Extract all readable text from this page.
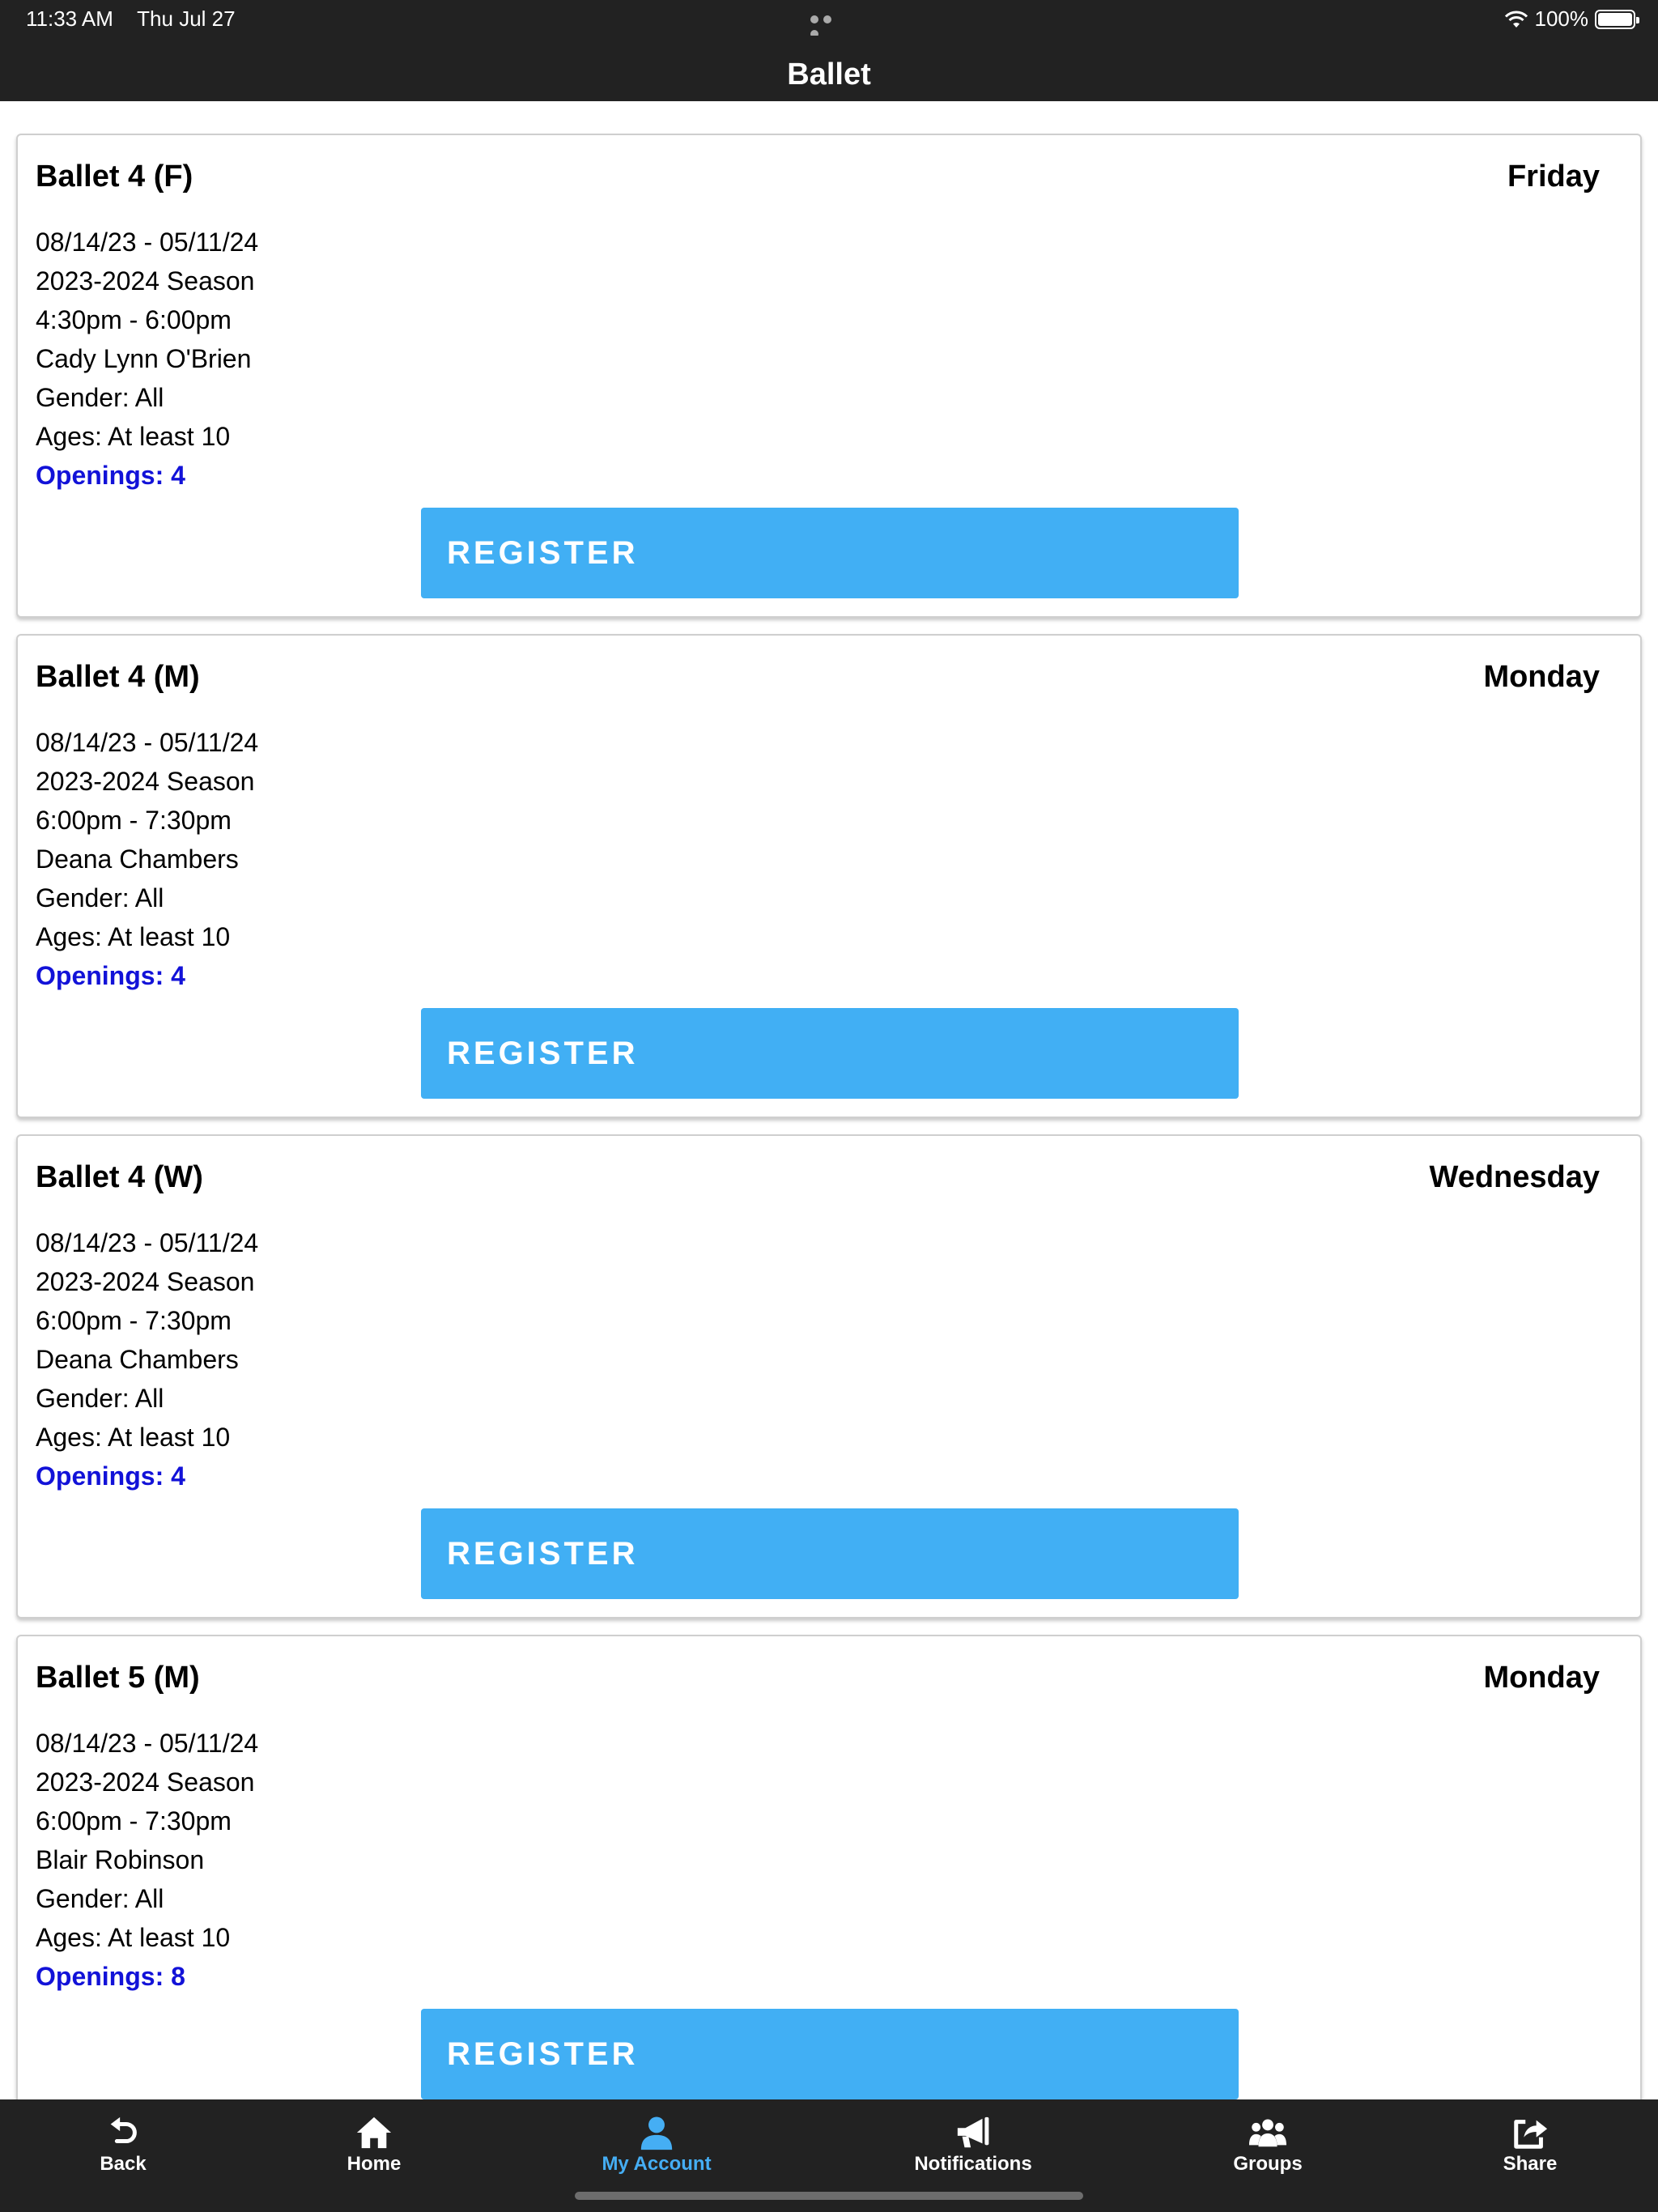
11:33 AM Thu Jul 27	100%
Ballet
Ballet 4 (F)	Friday
08/14/23 - 05/11/24
2023-2024 Season
4:30pm - 6:00pm
Cady Lynn O'Brien
Gender: All
Ages: At least 10
Openings: 4
REGISTER
Ballet 4 (M)	Monday
08/14/23 - 05/11/24
2023-2024 Season
6:00pm - 7:30pm
Deana Chambers
Gender: All
Ages: At least 10
Openings: 4
REGISTER
Ballet 4 (W)	Wednesday
08/14/23 - 05/11/24
2023-2024 Season
6:00pm - 7:30pm
Deana Chambers
Gender: All
Ages: At least 10
Openings: 4
REGISTER
Ballet 5 (M)	Monday
08/14/23 - 05/11/24
2023-2024 Season
6:00pm - 7:30pm
Blair Robinson
Gender: All
Ages: At least 10
Openings: 8
REGISTER
Back	Home	My Account	Notifications	Groups	Share
